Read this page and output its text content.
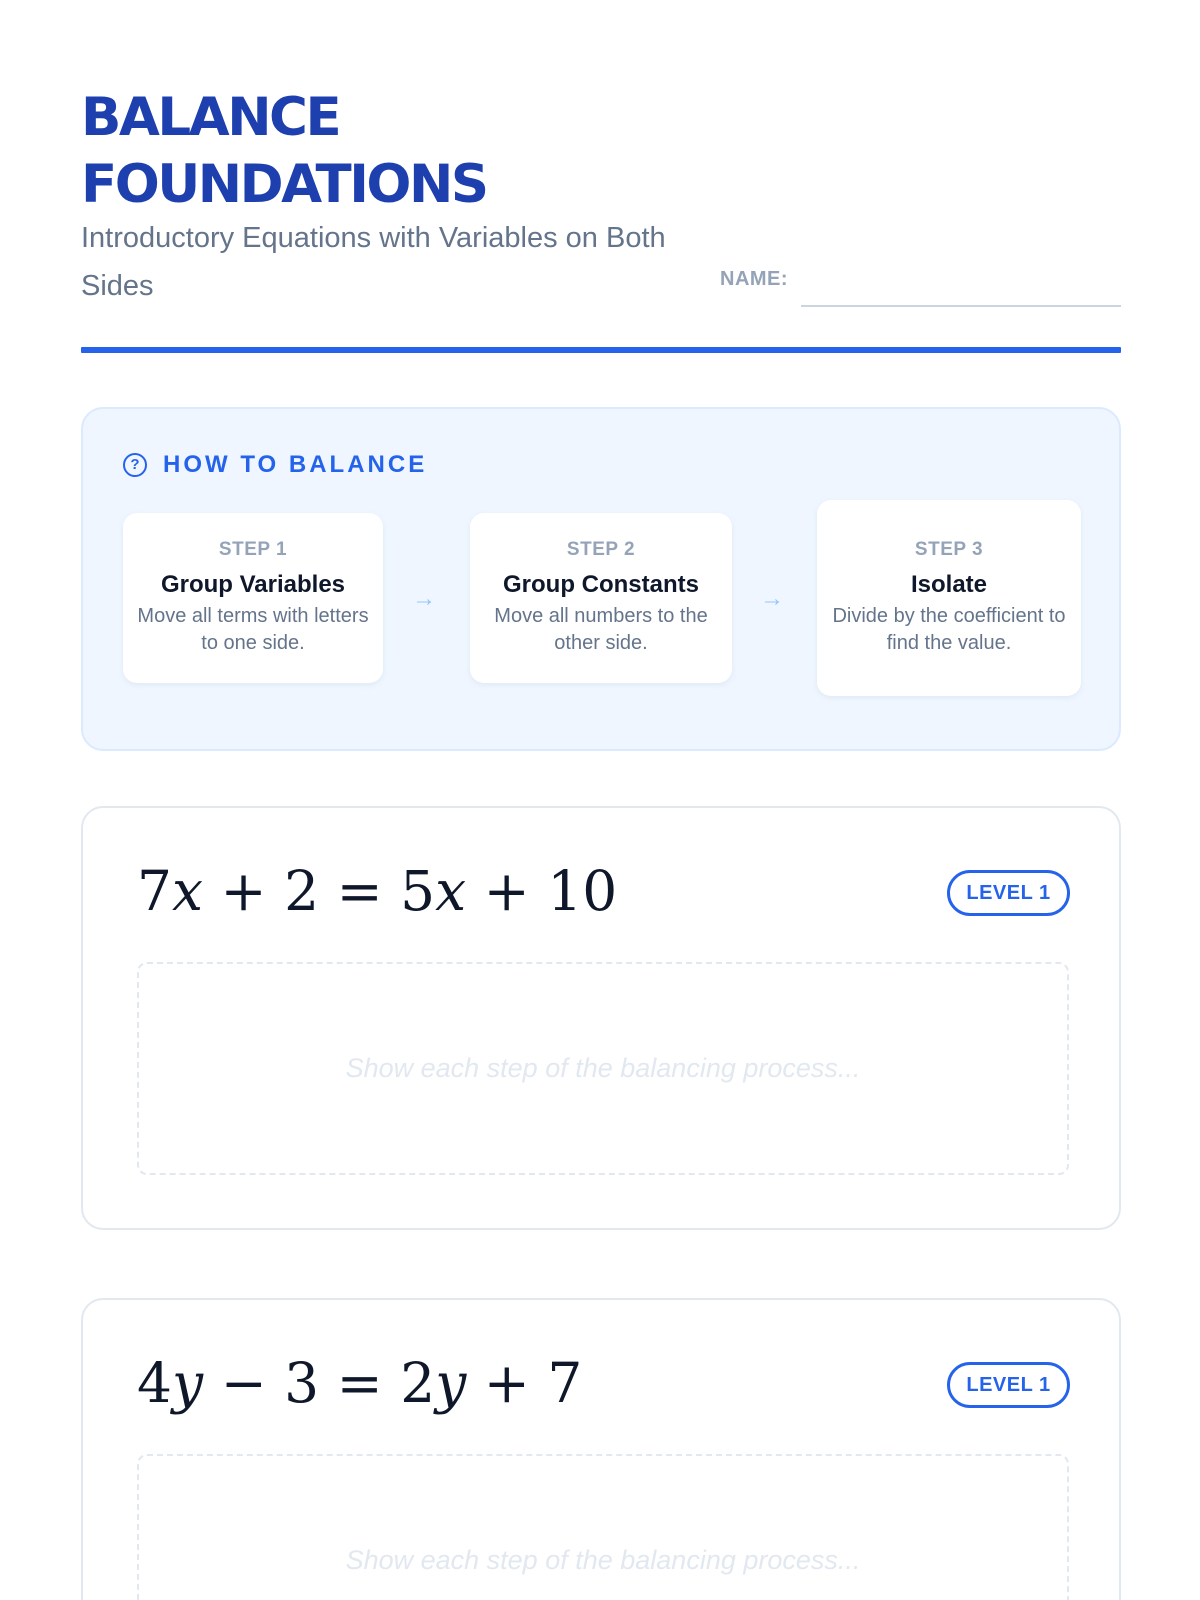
BALANCE
FOUNDATIONS
Introductory Equations with Variables on Both Sides	NAME:
? HOW TO BALANCE
STEP 1
Group Variables
Move all terms with letters to one side.
→
STEP 2
Group Constants
Move all numbers to the other side.
→
STEP 3
Isolate
Divide by the coefficient to find the value.
7x + 2 = 5x + 10	LEVEL 1
Show each step of the balancing process...
4y − 3 = 2y + 7	LEVEL 1
Show each step of the balancing process...
